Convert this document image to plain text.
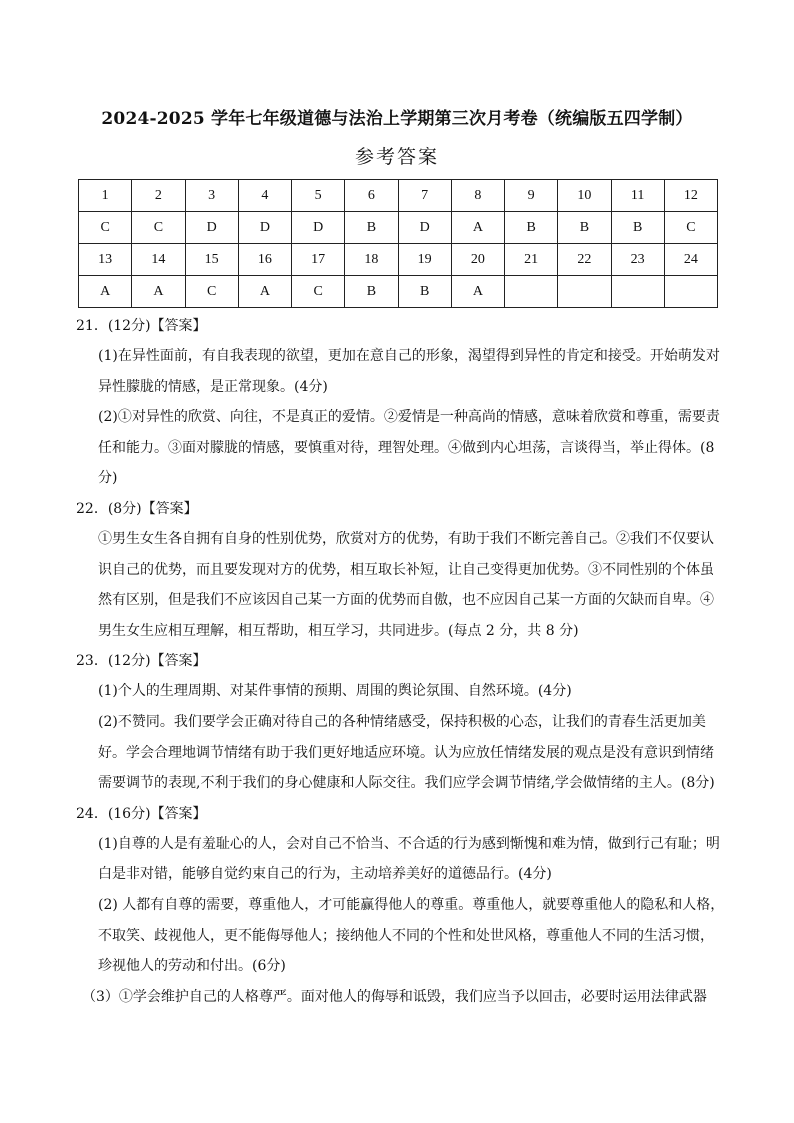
2024-2025 学年七年级道德与法治上学期第三次月考卷（统编版五四学制）
参考答案
1	2	3	4	5	6	7	8	9	10	11	12
C	C	D	D	D	B	D	A	B	B	B	C
13	14	15	16	17	18	19	20	21	22	23	24
A	A	C	A	C	B	B	A				
21．(12分)【答案】
(1)在异性面前，有自我表现的欲望，更加在意自己的形象，渴望得到异性的肯定和接受。开始萌发对
异性朦胧的情感，是正常现象。(4分)
(2)①对异性的欣赏、向往，不是真正的爱情。②爱情是一种高尚的情感，意味着欣赏和尊重，需要责
任和能力。③面对朦胧的情感，要慎重对待，理智处理。④做到内心坦荡，言谈得当，举止得体。(8
分)
22．(8分)【答案】
①男生女生各自拥有自身的性别优势，欣赏对方的优势，有助于我们不断完善自己。②我们不仅要认
识自己的优势，而且要发现对方的优势，相互取长补短，让自己变得更加优势。③不同性别的个体虽
然有区别，但是我们不应该因自己某一方面的优势而自傲，也不应因自己某一方面的欠缺而自卑。④
男生女生应相互理解，相互帮助，相互学习，共同进步。(每点 2 分，共 8 分)
23．(12分)【答案】
(1)个人的生理周期、对某件事情的预期、周围的舆论氛围、自然环境。(4分)
(2)不赞同。我们要学会正确对待自己的各种情绪感受，保持积极的心态，让我们的青春生活更加美
好。学会合理地调节情绪有助于我们更好地适应环境。认为应放任情绪发展的观点是没有意识到情绪
需要调节的表现,不利于我们的身心健康和人际交往。我们应学会调节情绪,学会做情绪的主人。(8分)
24．(16分)【答案】
(1)自尊的人是有羞耻心的人，会对自己不恰当、不合适的行为感到惭愧和难为情，做到行己有耻；明
白是非对错，能够自觉约束自己的行为，主动培养美好的道德品行。(4分)
(2) 人都有自尊的需要，尊重他人，才可能赢得他人的尊重。尊重他人，就要尊重他人的隐私和人格，
不取笑、歧视他人，更不能侮辱他人；接纳他人不同的个性和处世风格，尊重他人不同的生活习惯，
珍视他人的劳动和付出。(6分)
（3）①学会维护自己的人格尊严。面对他人的侮辱和诋毁，我们应当予以回击，必要时运用法律武器
